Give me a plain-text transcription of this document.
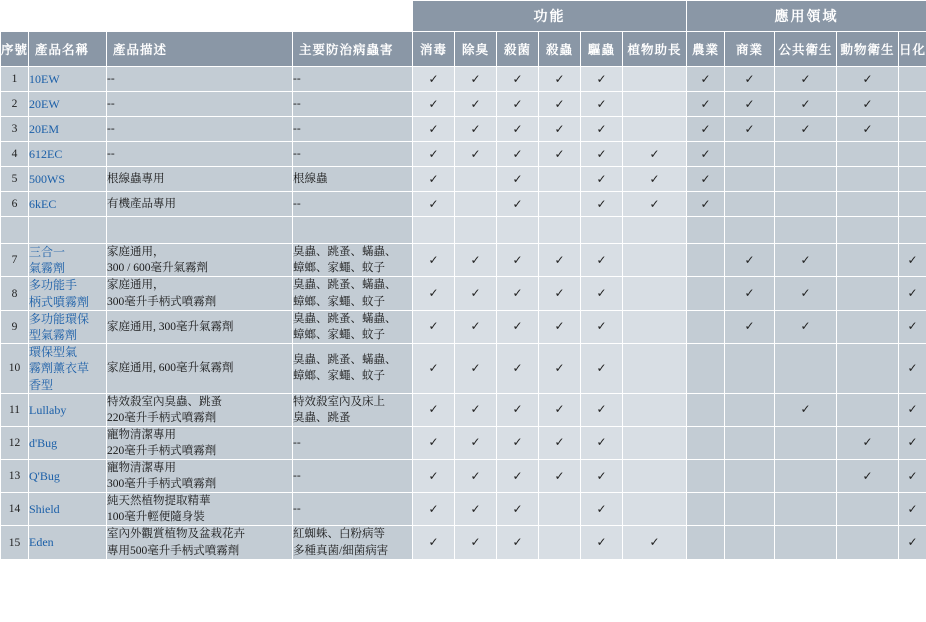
				功能						應用領域				
序號	產品名稱	產品描述	主要防治病蟲害	消毒	除臭	殺菌	殺蟲	驅蟲	植物助長	農業	商業	公共衛生	動物衛生	日化
1	10EW	--	--	✓	✓	✓	✓	✓		✓	✓	✓	✓	
2	20EW	--	--	✓	✓	✓	✓	✓		✓	✓	✓	✓	
3	20EM	--	--	✓	✓	✓	✓	✓		✓	✓	✓	✓	
4	612EC	--	--	✓	✓	✓	✓	✓	✓	✓				
5	500WS	根線蟲專用	根線蟲	✓		✓		✓	✓	✓				
6	6kEC	有機產品專用	--	✓		✓		✓	✓	✓				

7	三合一
氣霧劑	家庭通用，
300 / 600毫升氣霧劑	臭蟲、跳蚤、蟎蟲、
蟑螂、家蠅、蚊子	✓	✓	✓	✓	✓			✓	✓		✓
8	多功能手
柄式噴霧劑	家庭通用，
300毫升手柄式噴霧劑	臭蟲、跳蚤、蟎蟲、
蟑螂、家蠅、蚊子	✓	✓	✓	✓	✓			✓	✓		✓
9	多功能環保
型氣霧劑	家庭通用, 300毫升氣霧劑	臭蟲、跳蚤、蟎蟲、
蟑螂、家蠅、蚊子	✓	✓	✓	✓	✓			✓	✓		✓
10	環保型氣
霧劑薰衣草
香型	家庭通用, 600毫升氣霧劑	臭蟲、跳蚤、蟎蟲、
蟑螂、家蠅、蚊子	✓	✓	✓	✓	✓						✓
11	Lullaby	特效殺室內臭蟲、跳蚤
220毫升手柄式噴霧劑	特效殺室內及床上
臭蟲、跳蚤	✓	✓	✓	✓	✓				✓		✓
12	d'Bug	寵物清潔專用
220毫升手柄式噴霧劑	--	✓	✓	✓	✓	✓					✓	✓
13	Q'Bug	寵物清潔專用
300毫升手柄式噴霧劑	--	✓	✓	✓	✓	✓					✓	✓
14	Shield	純天然植物提取精華
100毫升輕便隨身裝	--	✓	✓	✓		✓						✓
15	Eden	室內外觀賞植物及盆栽花卉
專用500毫升手柄式噴霧劑	紅蜘蛛、白粉病等
多種真菌/細菌病害	✓	✓	✓		✓	✓					✓
